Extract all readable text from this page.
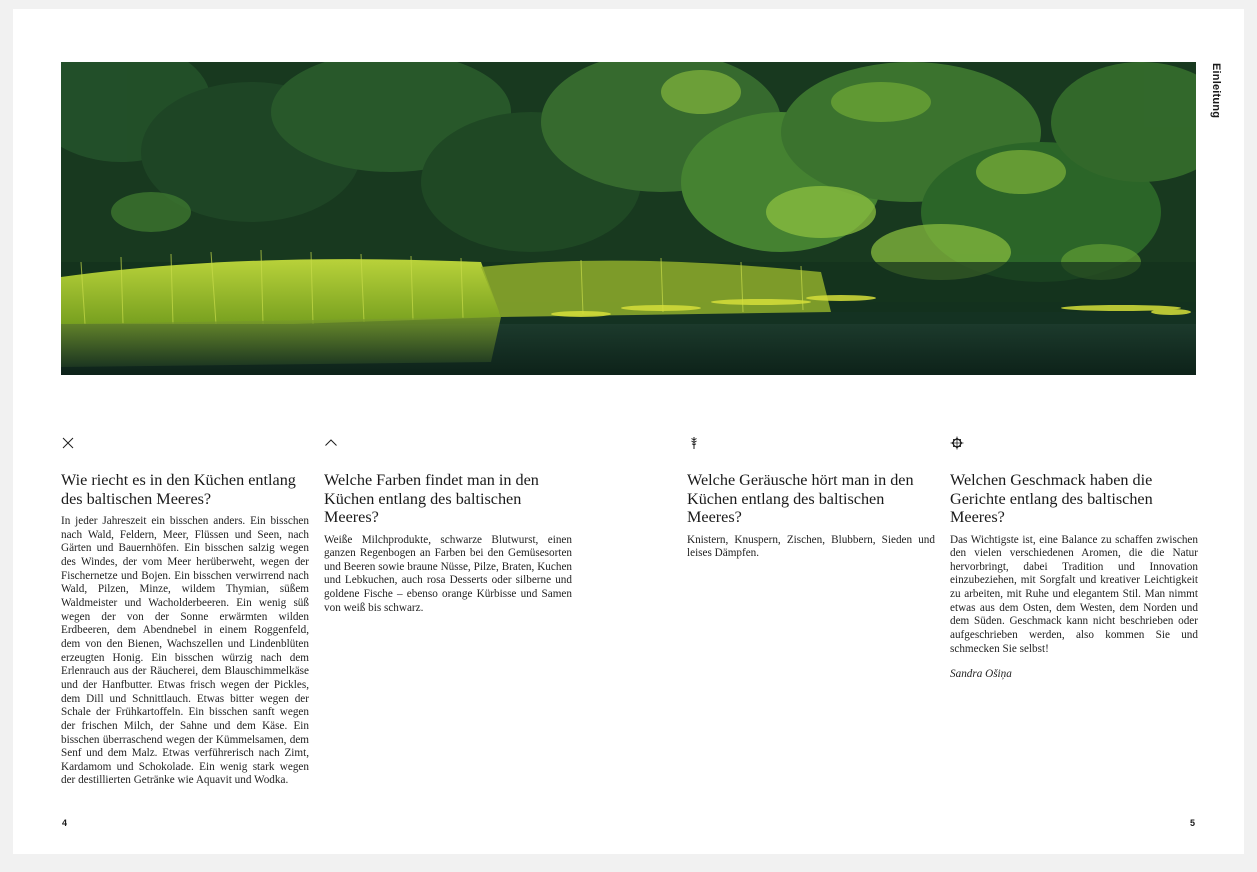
Einleitung
Wie riecht es in den Küchen entlang des baltischen Meeres?

In jeder Jahreszeit ein bisschen anders. Ein bisschen nach Wald, Feldern, Meer, Flüssen und Seen, nach Gärten und Bauernhöfen. Ein bisschen salzig wegen des Windes, der vom Meer herüberweht, wegen der Fischernetze und Bojen. Ein bisschen verwirrend nach Wald, Pilzen, Minze, wildem Thymian, süßem Waldmeister und Wacholderbeeren. Ein wenig süß wegen der von der Sonne erwärmten wilden Erdbeeren, dem Abendnebel in einem Roggenfeld, dem von den Bienen, Wachszellen und Lindenblüten erzeugten Honig. Ein bisschen würzig nach dem Erlenrauch aus der Räucherei, dem Blauschimmelkäse und der Hanfbutter. Etwas frisch wegen der Pickles, dem Dill und Schnittlauch. Etwas bitter wegen der Schale der Frühkartoffeln. Ein bisschen sanft wegen der frischen Milch, der Sahne und dem Käse. Ein bisschen überraschend wegen der Kümmelsamen, dem Senf und dem Malz. Etwas verführerisch nach Zimt, Kardamom und Schokolade. Ein wenig stark wegen der destillierten Getränke wie Aquavit und Wodka.

Welche Farben findet man in den Küchen entlang des baltischen Meeres?

Weiße Milchprodukte, schwarze Blutwurst, einen ganzen Regenbogen an Farben bei den Gemüsesorten und Beeren sowie braune Nüsse, Pilze, Braten, Kuchen und Lebkuchen, auch rosa Desserts oder silberne und goldene Fische – ebenso orange Kürbisse und Samen von weiß bis schwarz.

Welche Geräusche hört man in den Küchen entlang des baltischen Meeres?

Knistern, Knuspern, Zischen, Blubbern, Sieden und leises Dämpfen.

Welchen Geschmack haben die Gerichte entlang des baltischen Meeres?

Das Wichtigste ist, eine Balance zu schaffen zwischen den vielen verschiedenen Aromen, die die Natur hervorbringt, dabei Tradition und Innovation einzubeziehen, mit Sorgfalt und kreativer Leichtigkeit zu arbeiten, mit Ruhe und elegantem Stil. Man nimmt etwas aus dem Osten, dem Westen, dem Norden und dem Süden. Geschmack kann nicht beschrieben oder aufgeschrieben werden, also kommen Sie und schmecken Sie selbst!

Sandra Ošiņa

4	5
